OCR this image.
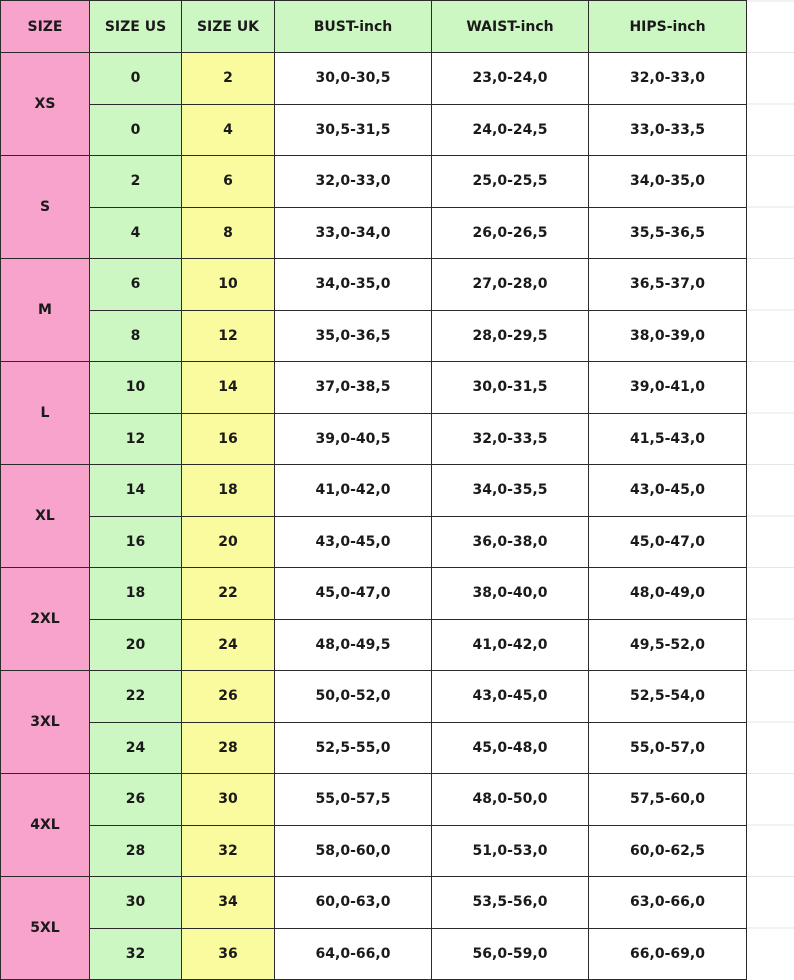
SIZE	SIZE US	SIZE UK	BUST-inch	WAIST-inch	HIPS-inch
XS	0	2	30,0-30,5	23,0-24,0	32,0-33,0
	0	4	30,5-31,5	24,0-24,5	33,0-33,5
S	2	6	32,0-33,0	25,0-25,5	34,0-35,0
	4	8	33,0-34,0	26,0-26,5	35,5-36,5
M	6	10	34,0-35,0	27,0-28,0	36,5-37,0
	8	12	35,0-36,5	28,0-29,5	38,0-39,0
L	10	14	37,0-38,5	30,0-31,5	39,0-41,0
	12	16	39,0-40,5	32,0-33,5	41,5-43,0
XL	14	18	41,0-42,0	34,0-35,5	43,0-45,0
	16	20	43,0-45,0	36,0-38,0	45,0-47,0
2XL	18	22	45,0-47,0	38,0-40,0	48,0-49,0
	20	24	48,0-49,5	41,0-42,0	49,5-52,0
3XL	22	26	50,0-52,0	43,0-45,0	52,5-54,0
	24	28	52,5-55,0	45,0-48,0	55,0-57,0
4XL	26	30	55,0-57,5	48,0-50,0	57,5-60,0
	28	32	58,0-60,0	51,0-53,0	60,0-62,5
5XL	30	34	60,0-63,0	53,5-56,0	63,0-66,0
	32	36	64,0-66,0	56,0-59,0	66,0-69,0
